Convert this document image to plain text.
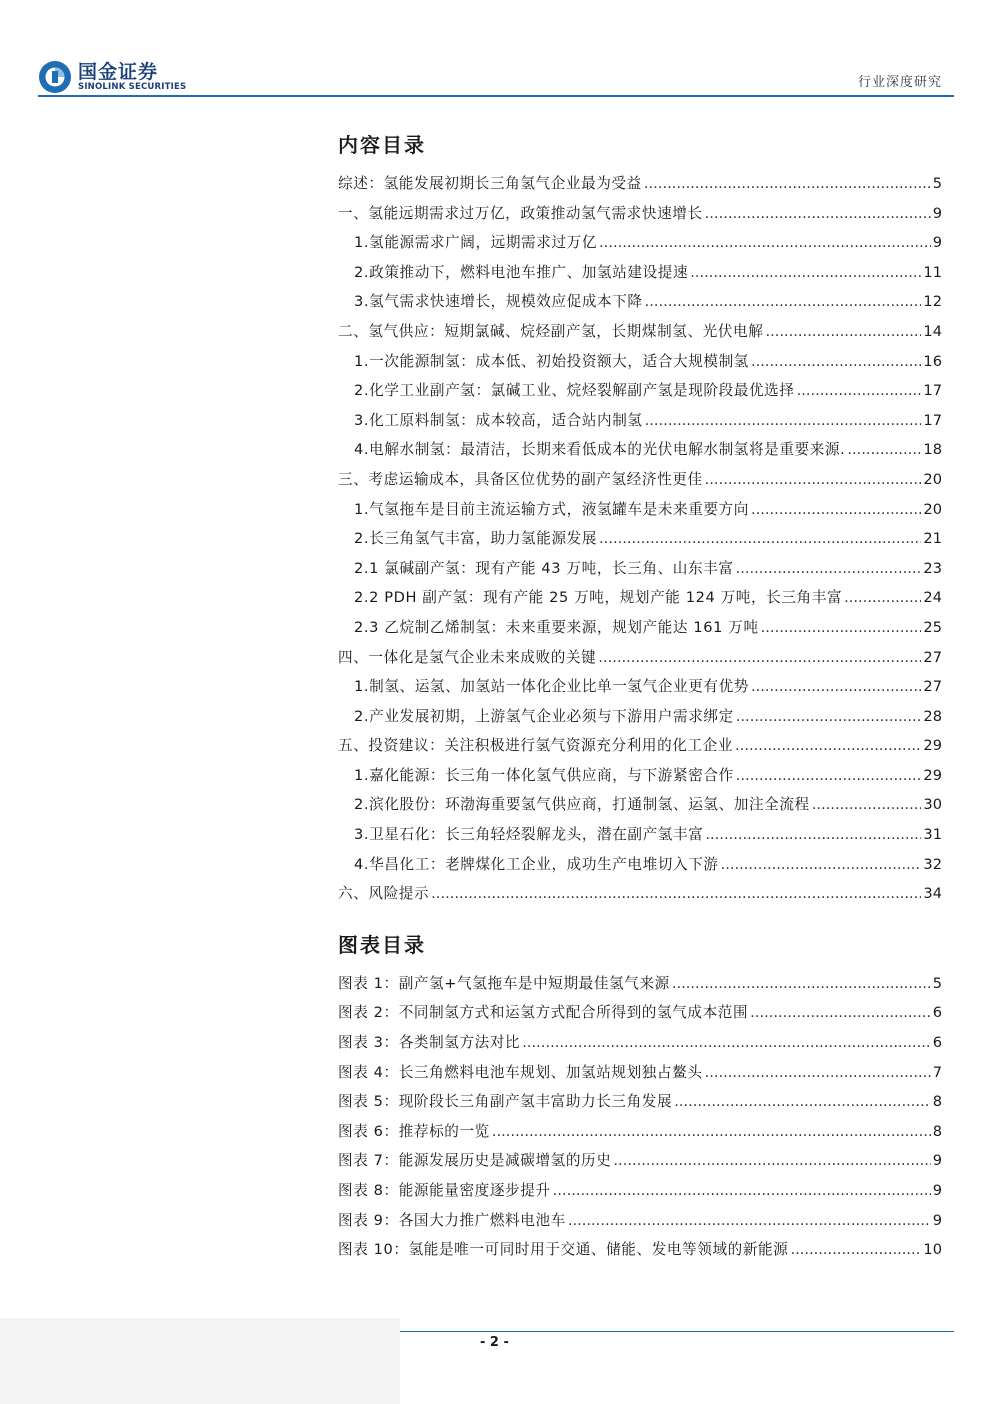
国金证券
SINOLINK SECURITIES	行业深度研究
内容目录
综述：氢能发展初期长三角氢气企业最为受益 .....	5
一、氢能远期需求过万亿，政策推动氢气需求快速增长 .....	9
1.氢能源需求广阔，远期需求过万亿 .....	9
2.政策推动下，燃料电池车推广、加氢站建设提速 .....	11
3.氢气需求快速增长，规模效应促成本下降 .....	12
二、氢气供应：短期氯碱、烷烃副产氢，长期煤制氢、光伏电解 .....	14
1.一次能源制氢：成本低、初始投资额大，适合大规模制氢 .....	16
2.化学工业副产氢：氯碱工业、烷烃裂解副产氢是现阶段最优选择 .....	17
3.化工原料制氢：成本较高，适合站内制氢 .....	17
4.电解水制氢：最清洁，长期来看低成本的光伏电解水制氢将是重要来源. .....	18
三、考虑运输成本，具备区位优势的副产氢经济性更佳 .....	20
1.气氢拖车是目前主流运输方式，液氢罐车是未来重要方向 .....	20
2.长三角氢气丰富，助力氢能源发展 .....	21
2.1 氯碱副产氢：现有产能 43 万吨，长三角、山东丰富 .....	23
2.2 PDH 副产氢：现有产能 25 万吨，规划产能 124 万吨，长三角丰富 .....	24
2.3 乙烷制乙烯制氢：未来重要来源，规划产能达 161 万吨 .....	25
四、一体化是氢气企业未来成败的关键 .....	27
1.制氢、运氢、加氢站一体化企业比单一氢气企业更有优势 .....	27
2.产业发展初期，上游氢气企业必须与下游用户需求绑定 .....	28
五、投资建议：关注积极进行氢气资源充分利用的化工企业 .....	29
1.嘉化能源：长三角一体化氢气供应商，与下游紧密合作 .....	29
2.滨化股份：环渤海重要氢气供应商，打通制氢、运氢、加注全流程 .....	30
3.卫星石化：长三角轻烃裂解龙头，潜在副产氢丰富 .....	31
4.华昌化工：老牌煤化工企业，成功生产电堆切入下游 .....	32
六、风险提示 .....	34
图表目录
图表 1：副产氢+气氢拖车是中短期最佳氢气来源 .....	5
图表 2：不同制氢方式和运氢方式配合所得到的氢气成本范围 .....	6
图表 3：各类制氢方法对比 .....	6
图表 4：长三角燃料电池车规划、加氢站规划独占鳌头 .....	7
图表 5：现阶段长三角副产氢丰富助力长三角发展 .....	8
图表 6：推荐标的一览 .....	8
图表 7：能源发展历史是减碳增氢的历史 .....	9
图表 8：能源能量密度逐步提升 .....	9
图表 9：各国大力推广燃料电池车 .....	9
图表 10：氢能是唯一可同时用于交通、储能、发电等领域的新能源 .....	10
- 2 -
